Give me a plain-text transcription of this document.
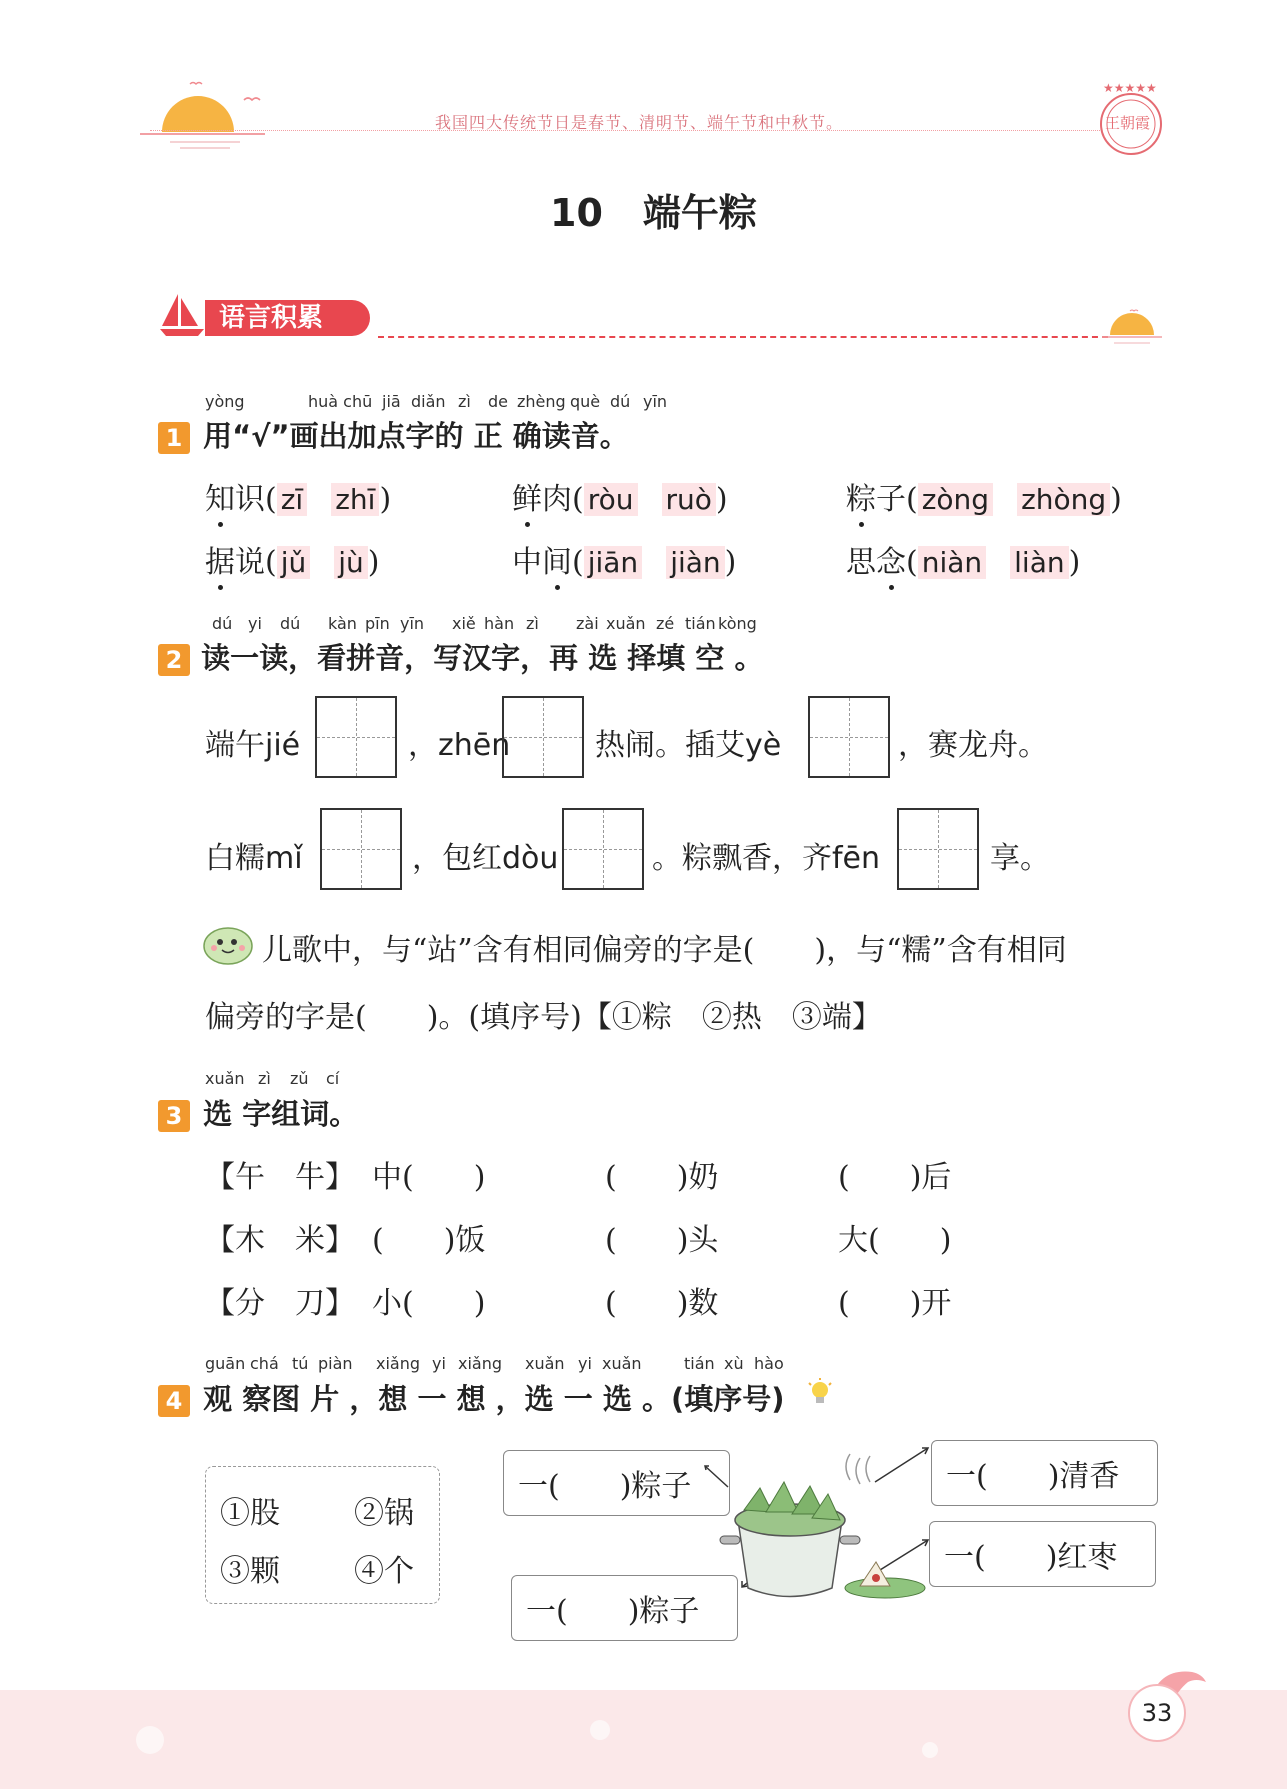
我国四大传统节日是春节、清明节、端午节和中秋节。
★★★★★
王朝霞
10 端午粽
语言积累
yòng	huà chū jiā diǎn zì de zhèng què dú yīn
1 用“√”画出加点字的 正 确读音。
知识( zī zhī )	鲜肉( ròu ruò )	粽子( zòng zhòng )
据说( jǔ jù )	中间( jiān jiàn )	思念( niàn liàn )
dú yi dú kàn pīn yīn xiě hàn zì zài xuǎn zé tián kòng
2 读一读，看拼音，写汉字，再 选 择填 空 。
端午jié	，zhēn	热闹。插艾yè	，赛龙舟。
白糯mǐ	，包红dòu	。粽飘香，齐fēn	享。
儿歌中，与“站”含有相同偏旁的字是(　　)，与“糯”含有相同
偏旁的字是(　　)。(填序号)【①粽　②热　③端】
xuǎn zì zǔ cí
3 选 字组词。
【午　牛】 中(　　)	(　　)奶	(　　)后
【木　米】 (　　)饭	(　　)头	大(　　)
【分　刀】 小(　　)	(　　)数	(　　)开
guān chá tú piàn xiǎng yi xiǎng xuǎn yi xuǎn	tián xù hào
4 观 察图 片 ，想 一 想 ，选 一 选 。(填序号)
①股 ②锅
③颗 ④个
一(　　)粽子	一(　　)清香
一(　　)红枣
一(　　)粽子
33
